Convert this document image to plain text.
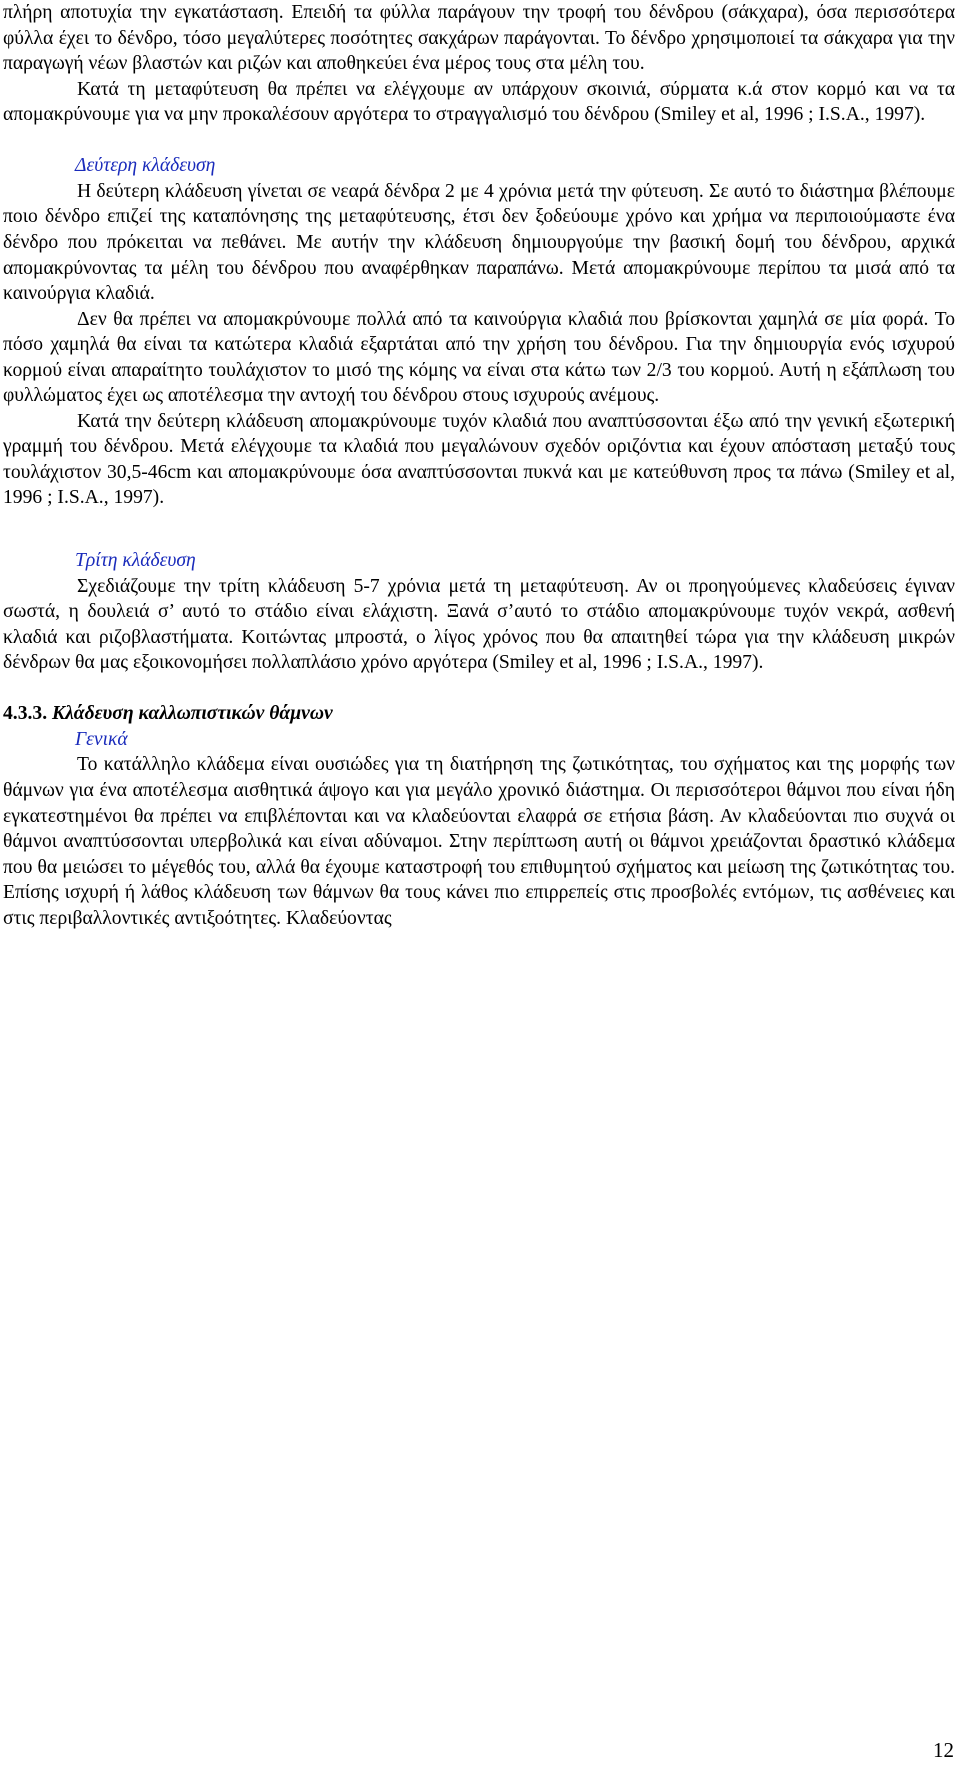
πλήρη αποτυχία την εγκατάσταση. Επειδή τα φύλλα παράγουν την τροφή του δένδρου (σάκχαρα), όσα περισσότερα φύλλα έχει το δένδρο, τόσο μεγαλύτερες ποσότητες σακχάρων παράγονται. Το δένδρο χρησιμοποιεί τα σάκχαρα για την παραγωγή νέων βλαστών και ριζών και αποθηκεύει ένα μέρος τους στα μέλη του.

Κατά τη μεταφύτευση θα πρέπει να ελέγχουμε αν υπάρχουν σκοινιά, σύρματα κ.ά στον κορμό και να τα απομακρύνουμε για να μην προκαλέσουν αργότερα το στραγγαλισμό του δένδρου (Smiley et al, 1996 ; I.S.A., 1997).

Δεύτερη κλάδευση

Η δεύτερη κλάδευση γίνεται σε νεαρά δένδρα 2 με 4 χρόνια μετά την φύτευση. Σε αυτό το διάστημα βλέπουμε ποιο δένδρο επιζεί της καταπόνησης της μεταφύτευσης, έτσι δεν ξοδεύουμε χρόνο και χρήμα να περιποιούμαστε ένα δένδρο που πρόκειται να πεθάνει. Με αυτήν την κλάδευση δημιουργούμε την βασική δομή του δένδρου, αρχικά απομακρύνοντας τα μέλη του δένδρου που αναφέρθηκαν παραπάνω. Μετά απομακρύνουμε περίπου τα μισά από τα καινούργια κλαδιά.

Δεν θα πρέπει να απομακρύνουμε πολλά από τα καινούργια κλαδιά που βρίσκονται χαμηλά σε μία φορά. Το πόσο χαμηλά θα είναι τα κατώτερα κλαδιά εξαρτάται από την χρήση του δένδρου. Για την δημιουργία ενός ισχυρού κορμού είναι απαραίτητο τουλάχιστον το μισό της κόμης να είναι στα κάτω των 2/3 του κορμού. Αυτή η εξάπλωση του φυλλώματος έχει ως αποτέλεσμα την αντοχή του δένδρου στους ισχυρούς ανέμους.

Κατά την δεύτερη κλάδευση απομακρύνουμε τυχόν κλαδιά που αναπτύσσονται έξω από την γενική εξωτερική γραμμή του δένδρου. Μετά ελέγχουμε τα κλαδιά που μεγαλώνουν σχεδόν οριζόντια και έχουν απόσταση μεταξύ τους τουλάχιστον 30,5-46cm και απομακρύνουμε όσα αναπτύσσονται πυκνά και με κατεύθυνση προς τα πάνω (Smiley et al, 1996 ; I.S.A., 1997).

Τρίτη κλάδευση

Σχεδιάζουμε την τρίτη κλάδευση 5-7 χρόνια μετά τη μεταφύτευση. Αν οι προηγούμενες κλαδεύσεις έγιναν σωστά, η δουλειά σ’ αυτό το στάδιο είναι ελάχιστη. Ξανά σ’αυτό το στάδιο απομακρύνουμε τυχόν νεκρά, ασθενή κλαδιά και ριζοβλαστήματα. Κοιτώντας μπροστά, ο λίγος χρόνος που θα απαιτηθεί τώρα για την κλάδευση μικρών δένδρων θα μας εξοικονομήσει πολλαπλάσιο χρόνο αργότερα (Smiley et al, 1996 ; I.S.A., 1997).

4.3.3. Κλάδευση καλλωπιστικών θάμνων
Γενικά

Το κατάλληλο κλάδεμα είναι ουσιώδες για τη διατήρηση της ζωτικότητας, του σχήματος και της μορφής των θάμνων για ένα αποτέλεσμα αισθητικά άψογο και για μεγάλο χρονικό διάστημα. Οι περισσότεροι θάμνοι που είναι ήδη εγκατεστημένοι θα πρέπει να επιβλέπονται και να κλαδεύονται ελαφρά σε ετήσια βάση. Αν κλαδεύονται πιο συχνά οι θάμνοι αναπτύσσονται υπερβολικά και είναι αδύναμοι. Στην περίπτωση αυτή οι θάμνοι χρειάζονται δραστικό κλάδεμα που θα μειώσει το μέγεθός του, αλλά θα έχουμε καταστροφή του επιθυμητού σχήματος και μείωση της ζωτικότητας του. Επίσης ισχυρή ή λάθος κλάδευση των θάμνων θα τους κάνει πιο επιρρεπείς στις προσβολές εντόμων, τις ασθένειες και στις περιβαλλοντικές αντιξοότητες. Κλαδεύοντας

12
